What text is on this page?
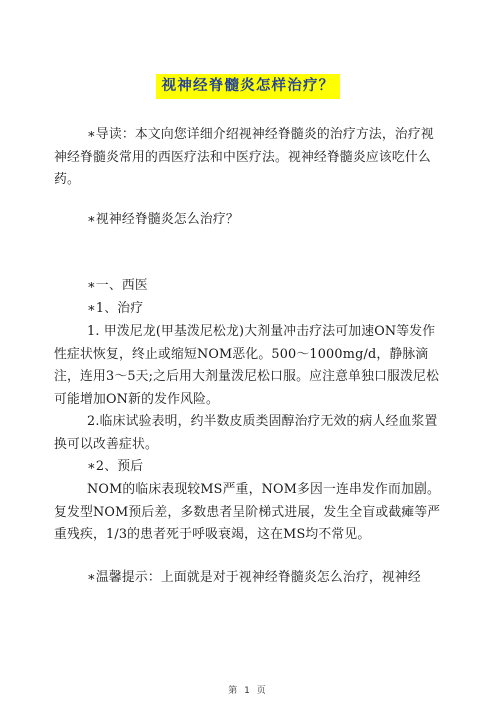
视神经脊髓炎怎样治疗？

∗导读：本文向您详细介绍视神经脊髓炎的治疗方法，治疗视神经脊髓炎常用的西医疗法和中医疗法。视神经脊髓炎应该吃什么药。

∗视神经脊髓炎怎么治疗？

∗一、西医

∗1、治疗

1. 甲泼尼龙(甲基泼尼松龙)大剂量冲击疗法可加速ON等发作性症状恢复，终止或缩短NOM恶化。500～1000mg/d，静脉滴注，连用3～5天;之后用大剂量泼尼松口服。应注意单独口服泼尼松可能增加ON新的发作风险。

2.临床试验表明，约半数皮质类固醇治疗无效的病人经血浆置换可以改善症状。

∗2、预后

NOM的临床表现较MS严重，NOM多因一连串发作而加剧。复发型NOM预后差，多数患者呈阶梯式进展，发生全盲或截瘫等严重残疾，1/3的患者死于呼吸衰竭，这在MS均不常见。

∗温馨提示：上面就是对于视神经脊髓炎怎么治疗，视神经

第 1 页
